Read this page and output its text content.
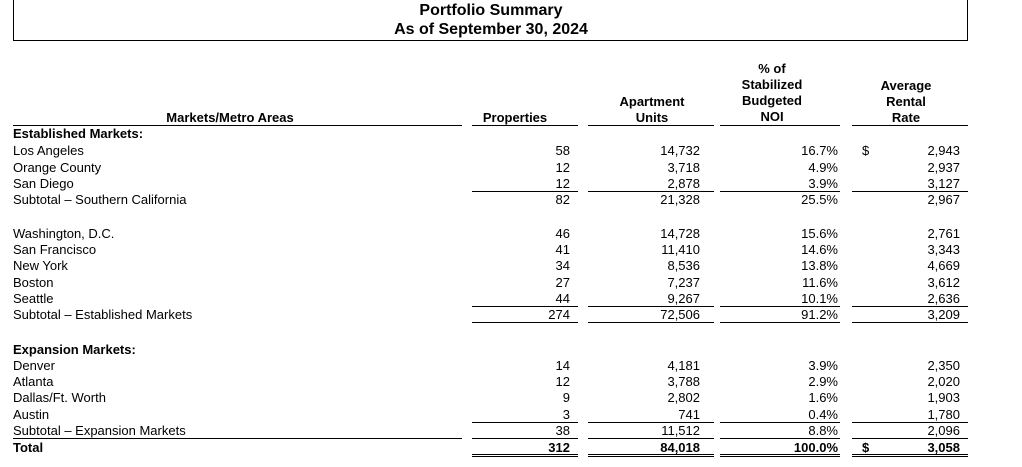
Portfolio Summary
As of September 30, 2024
Markets/Metro Areas	Properties
Apartment
Units
% of
Stabilized
Budgeted
NOI
Average
Rental
Rate
Established Markets:
Expansion Markets:
Los Angeles	58	14,732	16.7% $	2,943
Orange County	12	3,718	4.9%	2,937
San Diego	12	2,878	3.9%	3,127
Subtotal – Southern California	82	21,328	25.5%	2,967
Washington, D.C.	46	14,728	15.6%	2,761
San Francisco	41	11,410	14.6%	3,343
New York	34	8,536	13.8%	4,669
Boston	27	7,237	11.6%	3,612
Seattle	44	9,267	10.1%	2,636
Subtotal – Established Markets	274	72,506	91.2%	3,209
Denver	14	4,181	3.9%	2,350
Atlanta	12	3,788	2.9%	2,020
Dallas/Ft. Worth	9	2,802	1.6%	1,903
Austin	3	741	0.4%	1,780
Subtotal – Expansion Markets	38	11,512	8.8%	2,096
Total	312	84,018	100.0% $	3,058
